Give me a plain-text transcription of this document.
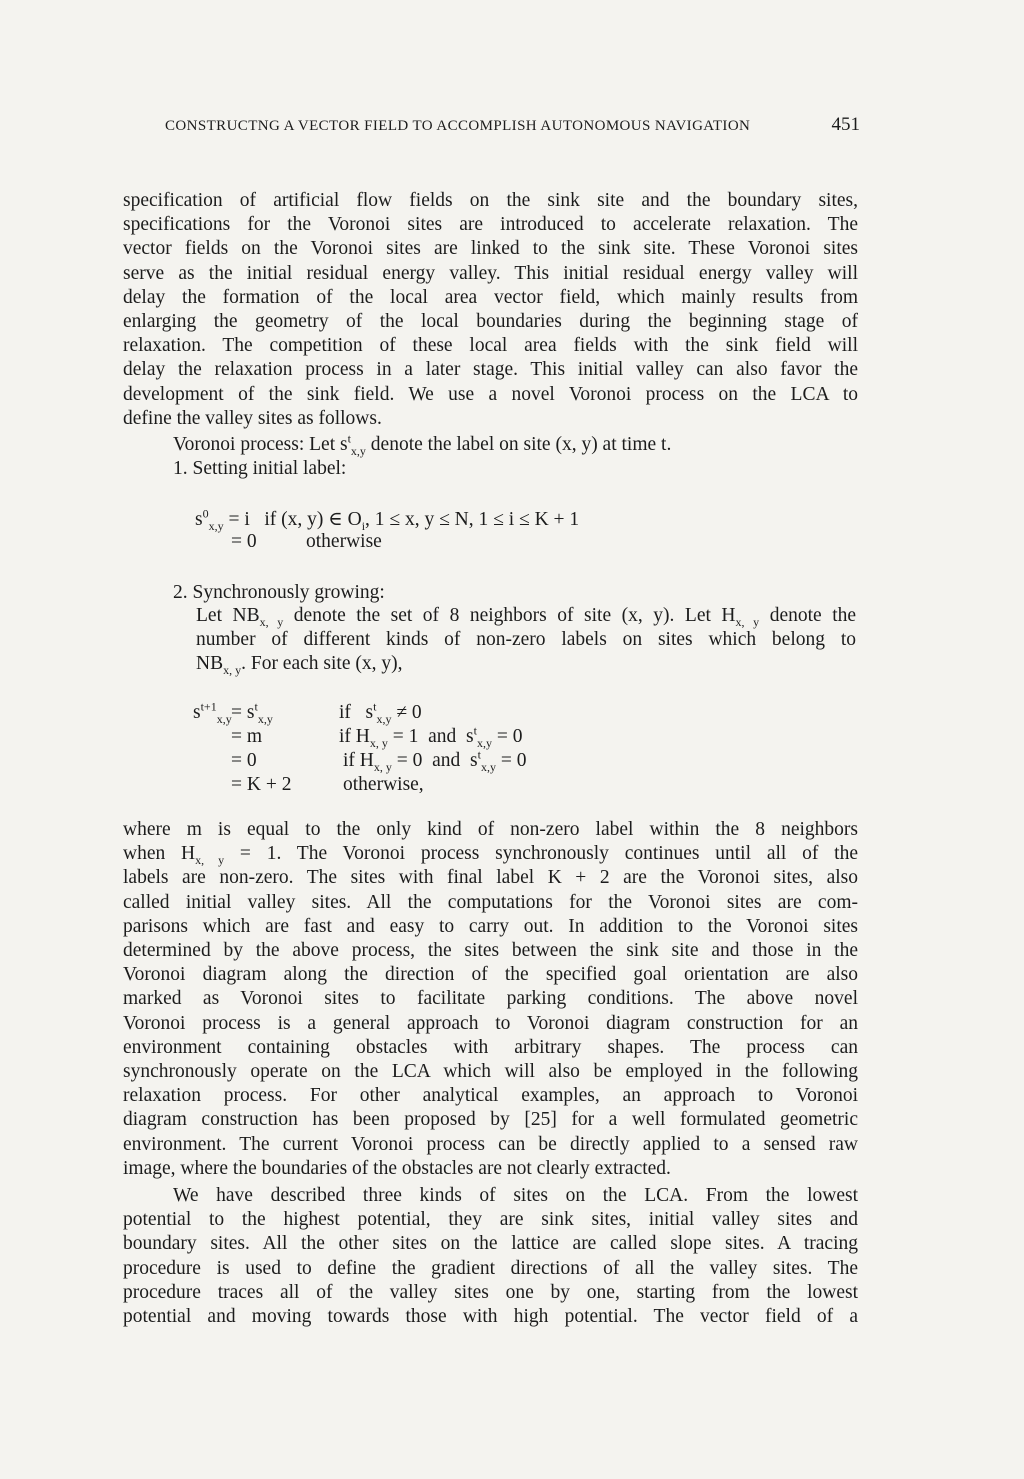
CONSTRUCTNG A VECTOR FIELD TO ACCOMPLISH AUTONOMOUS NAVIGATION	451
specification of artificial flow fields on the sink site and the boundary sites,
specifications for the Voronoi sites are introduced to accelerate relaxation. The
vector fields on the Voronoi sites are linked to the sink site. These Voronoi sites
serve as the initial residual energy valley. This initial residual energy valley will
delay the formation of the local area vector field, which mainly results from
enlarging the geometry of the local boundaries during the beginning stage of
relaxation. The competition of these local area fields with the sink field will
delay the relaxation process in a later stage. This initial valley can also favor the
development of the sink field. We use a novel Voronoi process on the LCA to
define the valley sites as follows.
Voronoi process: Let $s^t_{x,y}$ denote the label on site (x, y) at time t.
1. Setting initial label:
$s^0_{x,y} = i$   if (x, y) ∈ $O_i$, 1 ≤ x, y ≤ N, 1 ≤ i ≤ K + 1
= 0	otherwise
2. Synchronously growing:
Let $NB_{x, y}$ denote the set of 8 neighbors of site (x, y). Let $H_{x, y}$ denote the
number of different kinds of non-zero labels on sites which belong to
$NB_{x, y}$. For each site (x, y),
$s^{t+1}_{x,y} = s^t_{x,y}$	if   $s^t_{x,y} \ne 0$
= m	if $H_{x, y} = 1$  and  $s^t_{x,y} = 0$
= 0	if $H_{x, y} = 0$  and  $s^t_{x,y} = 0$
= K + 2	otherwise,
where m is equal to the only kind of non-zero label within the 8 neighbors
when $H_{x, y} = 1$. The Voronoi process synchronously continues until all of the
labels are non-zero. The sites with final label K + 2 are the Voronoi sites, also
called initial valley sites. All the computations for the Voronoi sites are com-
parisons which are fast and easy to carry out. In addition to the Voronoi sites
determined by the above process, the sites between the sink site and those in the
Voronoi diagram along the direction of the specified goal orientation are also
marked as Voronoi sites to facilitate parking conditions. The above novel
Voronoi process is a general approach to Voronoi diagram construction for an
environment containing obstacles with arbitrary shapes. The process can
synchronously operate on the LCA which will also be employed in the following
relaxation process. For other analytical examples, an approach to Voronoi
diagram construction has been proposed by [25] for a well formulated geometric
environment. The current Voronoi process can be directly applied to a sensed raw
image, where the boundaries of the obstacles are not clearly extracted.
We have described three kinds of sites on the LCA. From the lowest
potential to the highest potential, they are sink sites, initial valley sites and
boundary sites. All the other sites on the lattice are called slope sites. A tracing
procedure is used to define the gradient directions of all the valley sites. The
procedure traces all of the valley sites one by one, starting from the lowest
potential and moving towards those with high potential. The vector field of a
